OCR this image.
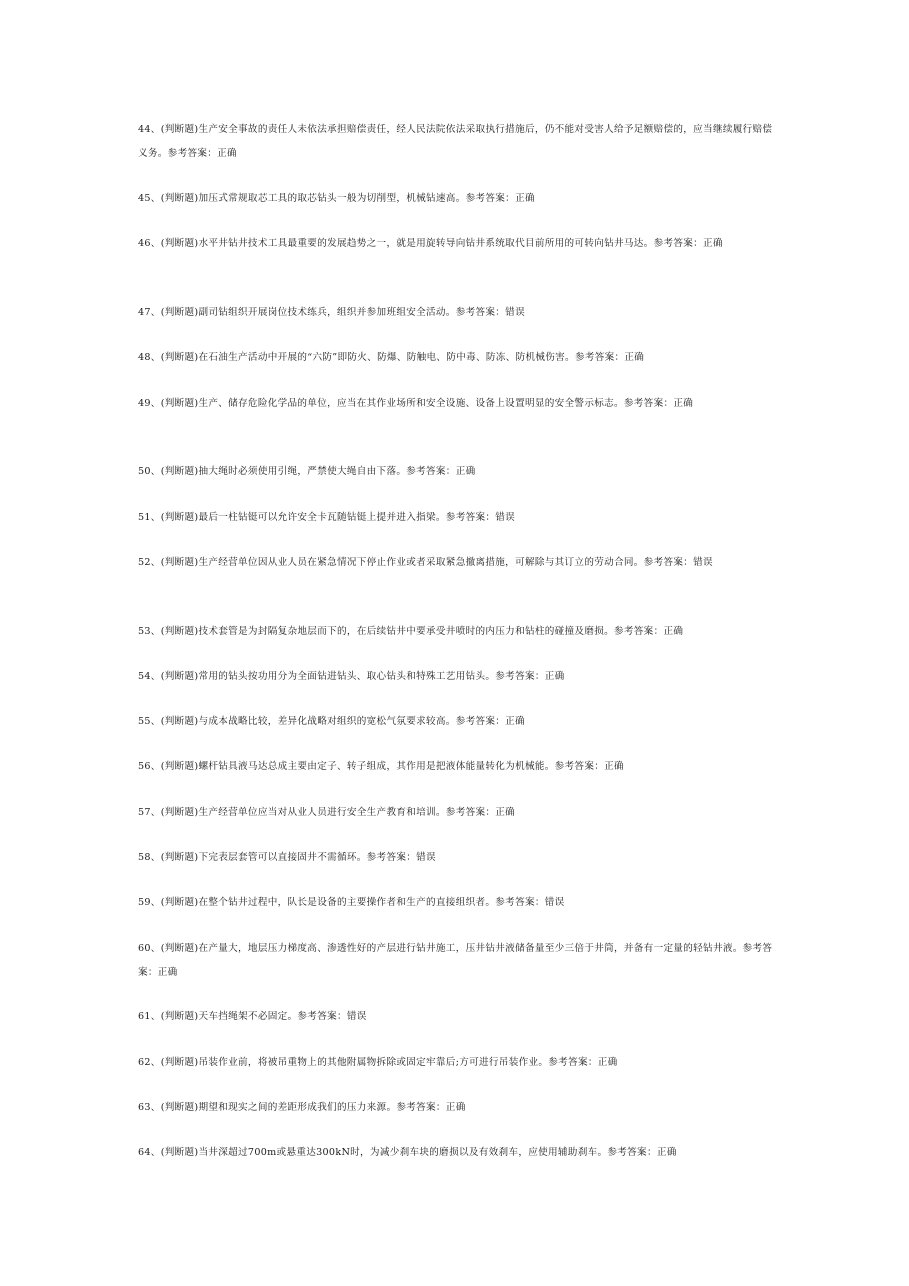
44、(判断题)生产安全事故的责任人未依法承担赔偿责任，经人民法院依法采取执行措施后，仍不能对受害人给予足额赔偿的，应当继续履行赔偿义务。参考答案：正确
45、(判断题)加压式常规取芯工具的取芯钻头一般为切削型，机械钻速高。参考答案：正确
46、(判断题)水平井钻井技术工具最重要的发展趋势之一，就是用旋转导向钻井系统取代目前所用的可转向钻井马达。参考答案：正确
47、(判断题)副司钻组织开展岗位技术练兵，组织并参加班组安全活动。参考答案：错误
48、(判断题)在石油生产活动中开展的“六防”即防火、防爆、防触电、防中毒、防冻、防机械伤害。参考答案：正确
49、(判断题)生产、储存危险化学品的单位，应当在其作业场所和安全设施、设备上设置明显的安全警示标志。参考答案：正确
50、(判断题)抽大绳时必须使用引绳，严禁使大绳自由下落。参考答案：正确
51、(判断题)最后一柱钻铤可以允许安全卡瓦随钻铤上提并进入指梁。参考答案：错误
52、(判断题)生产经营单位因从业人员在紧急情况下停止作业或者采取紧急撤离措施，可解除与其订立的劳动合同。参考答案：错误
53、(判断题)技术套管是为封隔复杂地层而下的，在后续钻井中要承受井喷时的内压力和钻柱的碰撞及磨损。参考答案：正确
54、(判断题)常用的钻头按功用分为全面钻进钻头、取心钻头和特殊工艺用钻头。参考答案：正确
55、(判断题)与成本战略比较，差异化战略对组织的宽松气氛要求较高。参考答案：正确
56、(判断题)螺杆钻具液马达总成主要由定子、转子组成，其作用是把液体能量转化为机械能。参考答案：正确
57、(判断题)生产经营单位应当对从业人员进行安全生产教育和培训。参考答案：正确
58、(判断题)下完表层套管可以直接固井不需循环。参考答案：错误
59、(判断题)在整个钻井过程中，队长是设备的主要操作者和生产的直接组织者。参考答案：错误
60、(判断题)在产量大，地层压力梯度高、渗透性好的产层进行钻井施工，压井钻井液储备量至少三倍于井筒，并备有一定量的轻钻井液。参考答案：正确
61、(判断题)天车挡绳架不必固定。参考答案：错误
62、(判断题)吊装作业前，将被吊重物上的其他附属物拆除或固定牢靠后;方可进行吊装作业。参考答案：正确
63、(判断题)期望和现实之间的差距形成我们的压力来源。参考答案：正确
64、(判断题)当井深超过700m或悬重达300kN时，为减少刹车块的磨损以及有效刹车，应使用辅助刹车。参考答案：正确
